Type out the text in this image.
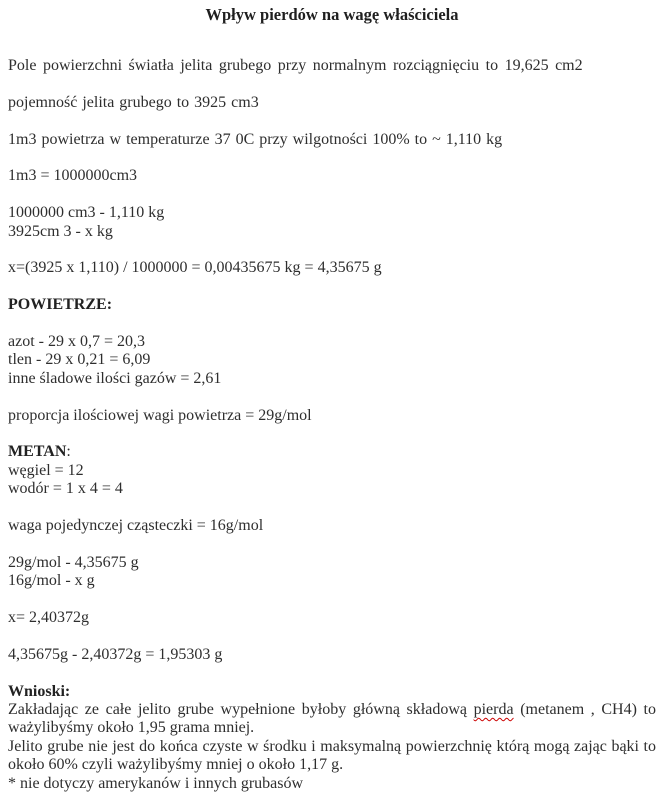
Wpływ pierdów na wagę właściciela
Pole powierzchni światła jelita grubego przy normalnym rozciągnięciu to 19,625 cm2
pojemność jelita grubego to 3925 cm3
1m3 powietrza w temperaturze 37 0C przy wilgotności 100% to ~ 1,110 kg
1m3 = 1000000cm3
1000000 cm3 - 1,110 kg
3925cm 3 - x kg
x=(3925 x 1,110) / 1000000 = 0,00435675 kg = 4,35675 g
POWIETRZE:
azot - 29 x 0,7 = 20,3
tlen - 29 x 0,21 = 6,09
inne śladowe ilości gazów = 2,61
proporcja ilościowej wagi powietrza = 29g/mol
METAN:
węgiel = 12
wodór = 1 x 4 = 4
waga pojedynczej cząsteczki = 16g/mol
29g/mol - 4,35675 g
16g/mol - x g
x= 2,40372g
4,35675g - 2,40372g = 1,95303 g
Wnioski:
Zakładając ze całe jelito grube wypełnione byłoby główną składową pierda (metanem , CH4) to ważylibyśmy około 1,95 grama mniej.
Jelito grube nie jest do końca czyste w środku i maksymalną powierzchnię którą mogą zając bąki to około 60% czyli ważylibyśmy mniej o około 1,17 g.
* nie dotyczy amerykanów i innych grubasów
